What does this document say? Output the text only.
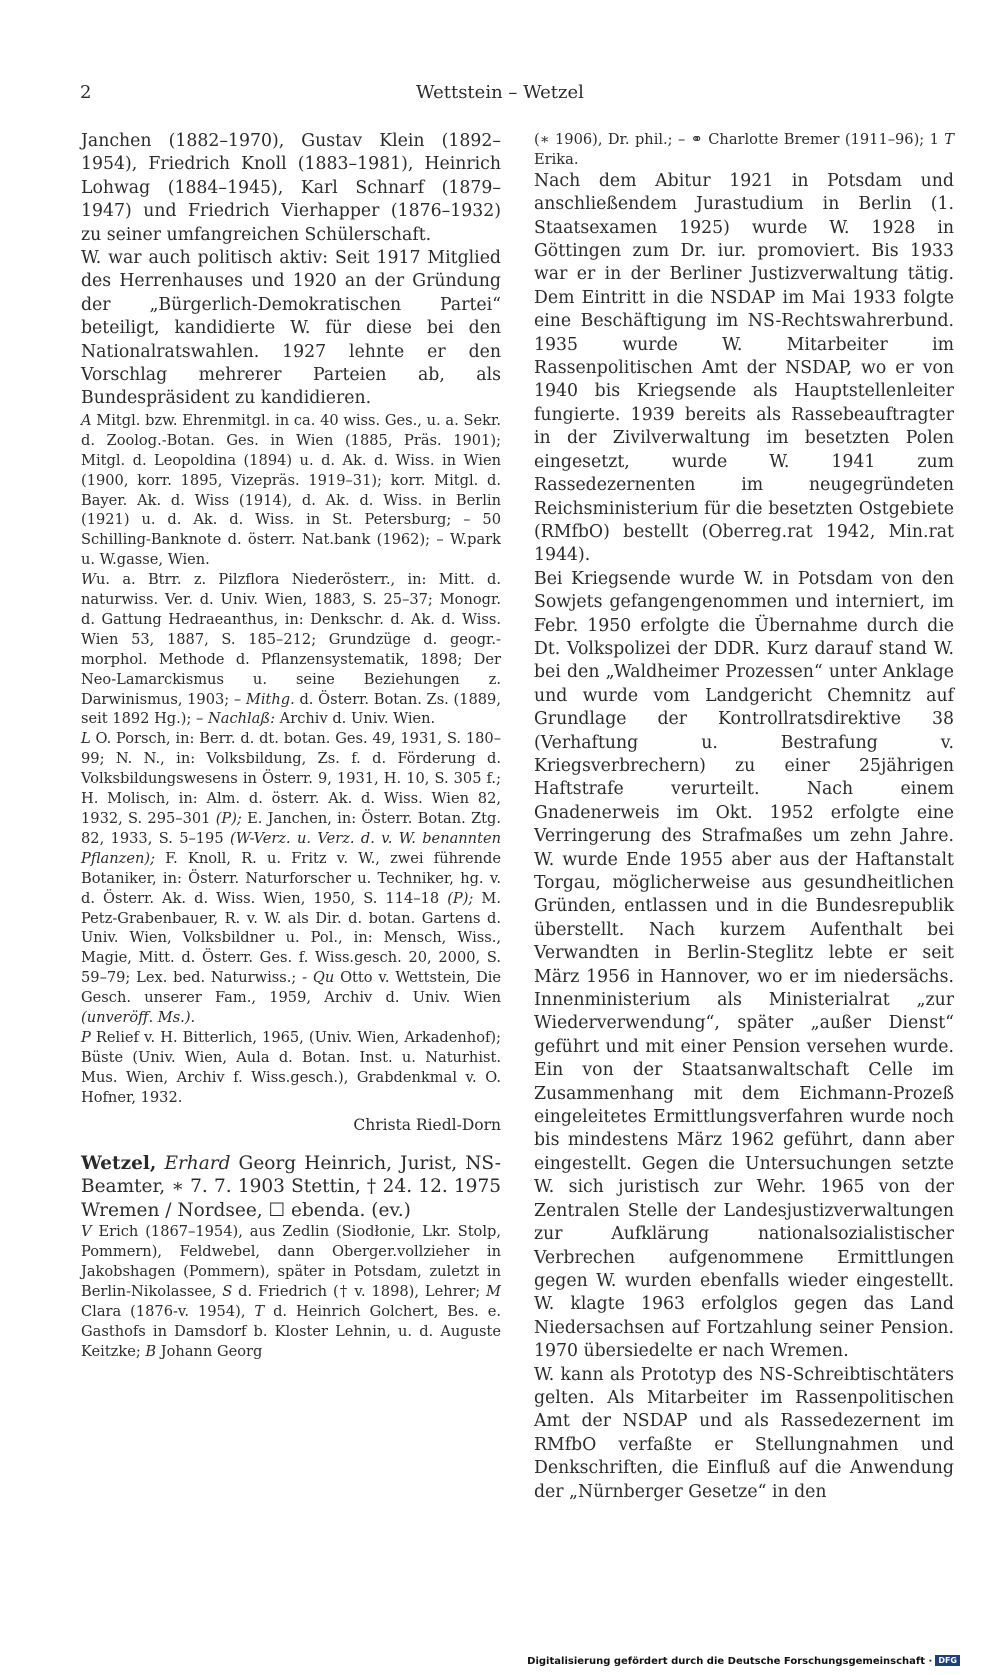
2	Wettstein – Wetzel

Janchen (1882–1970), Gustav Klein (1892–1954), Friedrich Knoll (1883–1981), Heinrich Lohwag (1884–1945), Karl Schnarf (1879–1947) und Friedrich Vierhapper (1876–1932) zu seiner umfangreichen Schülerschaft.

W. war auch politisch aktiv: Seit 1917 Mitglied des Herrenhauses und 1920 an der Gründung der „Bürgerlich-Demokratischen Partei“ beteiligt, kandidierte W. für diese bei den Nationalratswahlen. 1927 lehnte er den Vorschlag mehrerer Parteien ab, als Bundespräsident zu kandidieren.

A Mitgl. bzw. Ehrenmitgl. in ca. 40 wiss. Ges., u. a. Sekr. d. Zoolog.-Botan. Ges. in Wien (1885, Präs. 1901); Mitgl. d. Leopoldina (1894) u. d. Ak. d. Wiss. in Wien (1900, korr. 1895, Vizepräs. 1919–31); korr. Mitgl. d. Bayer. Ak. d. Wiss (1914), d. Ak. d. Wiss. in Berlin (1921) u. d. Ak. d. Wiss. in St. Petersburg; – 50 Schilling-Banknote d. österr. Nat.bank (1962); – W.park u. W.gasse, Wien.

Wu. a. Btrr. z. Pilzflora Niederösterr., in: Mitt. d. naturwiss. Ver. d. Univ. Wien, 1883, S. 25–37; Monogr. d. Gattung Hedraeanthus, in: Denkschr. d. Ak. d. Wiss. Wien 53, 1887, S. 185–212; Grundzüge d. geogr.-morphol. Methode d. Pflanzensystematik, 1898; Der Neo-Lamarckismus u. seine Beziehungen z. Darwinismus, 1903; – Mithg. d. Österr. Botan. Zs. (1889, seit 1892 Hg.); – Nachlaß: Archiv d. Univ. Wien.

L O. Porsch, in: Berr. d. dt. botan. Ges. 49, 1931, S. 180–99; N. N., in: Volksbildung, Zs. f. d. Förderung d. Volksbildungswesens in Österr. 9, 1931, H. 10, S. 305 f.; H. Molisch, in: Alm. d. österr. Ak. d. Wiss. Wien 82, 1932, S. 295–301 (P); E. Janchen, in: Österr. Botan. Ztg. 82, 1933, S. 5–195 (W-Verz. u. Verz. d. v. W. benannten Pflanzen); F. Knoll, R. u. Fritz v. W., zwei führende Botaniker, in: Österr. Naturforscher u. Techniker, hg. v. d. Österr. Ak. d. Wiss. Wien, 1950, S. 114–18 (P); M. Petz-Grabenbauer, R. v. W. als Dir. d. botan. Gartens d. Univ. Wien, Volksbildner u. Pol., in: Mensch, Wiss., Magie, Mitt. d. Österr. Ges. f. Wiss.gesch. 20, 2000, S. 59–79; Lex. bed. Naturwiss.; - Qu Otto v. Wettstein, Die Gesch. unserer Fam., 1959, Archiv d. Univ. Wien (unveröff. Ms.).

P Relief v. H. Bitterlich, 1965, (Univ. Wien, Arkadenhof); Büste (Univ. Wien, Aula d. Botan. Inst. u. Naturhist. Mus. Wien, Archiv f. Wiss.gesch.), Grabdenkmal v. O. Hofner, 1932.

Christa Riedl-Dorn

Wetzel, Erhard Georg Heinrich, Jurist, NS-Beamter, ∗ 7. 7. 1903 Stettin, † 24. 12. 1975 Wremen / Nordsee, ☐ ebenda. (ev.)

V Erich (1867–1954), aus Zedlin (Siodłonie, Lkr. Stolp, Pommern), Feldwebel, dann Oberger.vollzieher in Jakobshagen (Pommern), später in Potsdam, zuletzt in Berlin-Nikolassee, S d. Friedrich († v. 1898), Lehrer; M Clara (1876-v. 1954), T d. Heinrich Golchert, Bes. e. Gasthofs in Damsdorf b. Kloster Lehnin, u. d. Auguste Keitzke; B Johann Georg

(∗ 1906), Dr. phil.; – ⚭ Charlotte Bremer (1911–96); 1 T Erika.

Nach dem Abitur 1921 in Potsdam und anschließendem Jurastudium in Berlin (1. Staatsexamen 1925) wurde W. 1928 in Göttingen zum Dr. iur. promoviert. Bis 1933 war er in der Berliner Justizverwaltung tätig. Dem Eintritt in die NSDAP im Mai 1933 folgte eine Beschäftigung im NS-Rechtswahrerbund. 1935 wurde W. Mitarbeiter im Rassenpolitischen Amt der NSDAP, wo er von 1940 bis Kriegsende als Hauptstellenleiter fungierte. 1939 bereits als Rassebeauftragter in der Zivilverwaltung im besetzten Polen eingesetzt, wurde W. 1941 zum Rassedezernenten im neugegründeten Reichsministerium für die besetzten Ostgebiete (RMfbO) bestellt (Oberreg.rat 1942, Min.rat 1944).

Bei Kriegsende wurde W. in Potsdam von den Sowjets gefangengenommen und interniert, im Febr. 1950 erfolgte die Übernahme durch die Dt. Volkspolizei der DDR. Kurz darauf stand W. bei den „Waldheimer Prozessen“ unter Anklage und wurde vom Landgericht Chemnitz auf Grundlage der Kontrollratsdirektive 38 (Verhaftung u. Bestrafung v. Kriegsverbrechern) zu einer 25jährigen Haftstrafe verurteilt. Nach einem Gnadenerweis im Okt. 1952 erfolgte eine Verringerung des Strafmaßes um zehn Jahre. W. wurde Ende 1955 aber aus der Haftanstalt Torgau, möglicherweise aus gesundheitlichen Gründen, entlassen und in die Bundesrepublik überstellt. Nach kurzem Aufenthalt bei Verwandten in Berlin-Steglitz lebte er seit März 1956 in Hannover, wo er im niedersächs. Innenministerium als Ministerialrat „zur Wiederverwendung“, später „außer Dienst“ geführt und mit einer Pension versehen wurde. Ein von der Staatsanwaltschaft Celle im Zusammenhang mit dem Eichmann-Prozeß eingeleitetes Ermittlungsverfahren wurde noch bis mindestens März 1962 geführt, dann aber eingestellt. Gegen die Untersuchungen setzte W. sich juristisch zur Wehr. 1965 von der Zentralen Stelle der Landesjustizverwaltungen zur Aufklärung nationalsozialistischer Verbrechen aufgenommene Ermittlungen gegen W. wurden ebenfalls wieder eingestellt. W. klagte 1963 erfolglos gegen das Land Niedersachsen auf Fortzahlung seiner Pension. 1970 übersiedelte er nach Wremen.

W. kann als Prototyp des NS-Schreibtischtäters gelten. Als Mitarbeiter im Rassenpolitischen Amt der NSDAP und als Rassedezernent im RMfbO verfaßte er Stellungnahmen und Denkschriften, die Einfluß auf die Anwendung der „Nürnberger Gesetze“ in den

Digitalisierung gefördert durch die Deutsche Forschungsgemeinschaft · DFG
